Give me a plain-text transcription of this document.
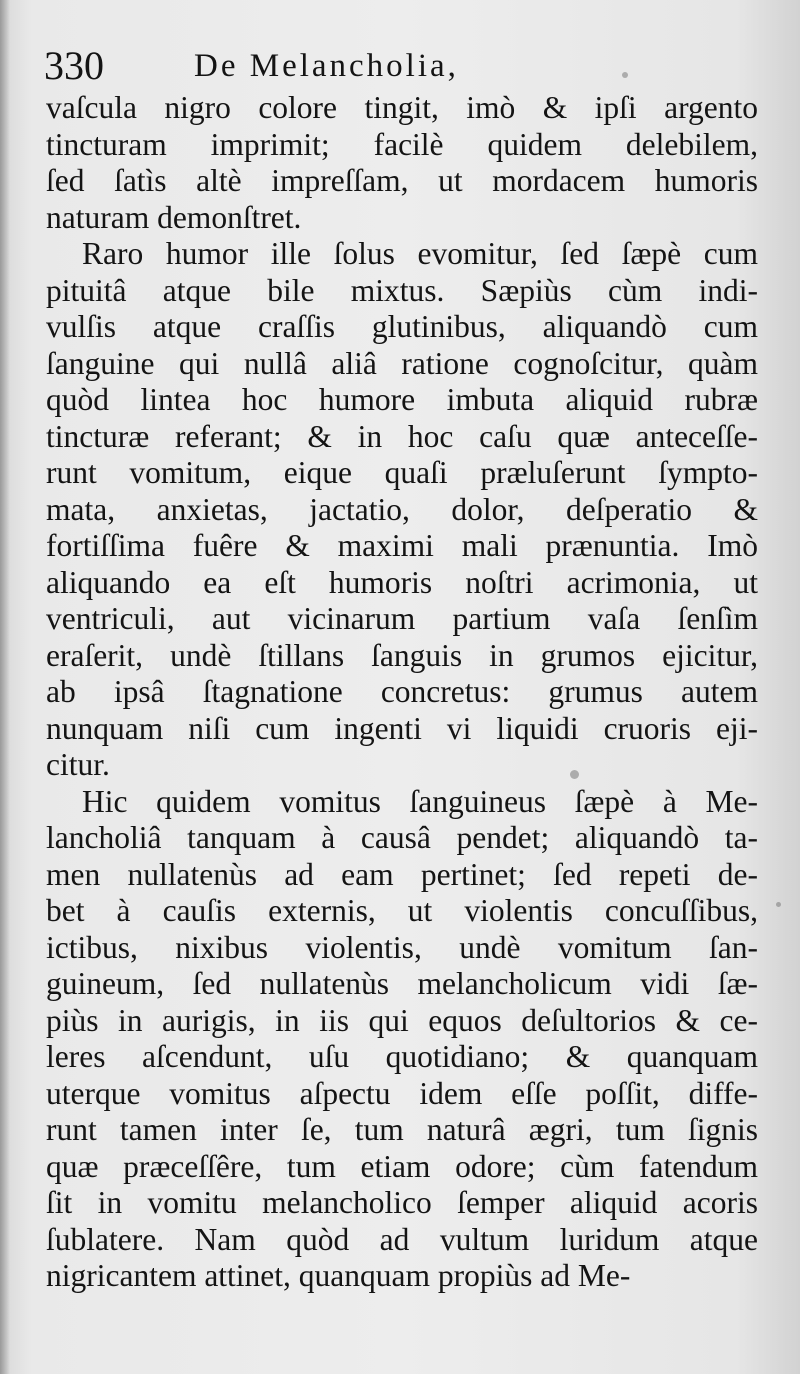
330	De Melancholia,
vaſcula nigro colore tingit, imò & ipſi argento
tincturam imprimit; facilè quidem delebilem,
ſed ſatìs altè impreſſam, ut mordacem humoris
naturam demonſtret.
Raro humor ille ſolus evomitur, ſed ſæpè cum
pituitâ atque bile mixtus. Sæpiùs cùm indi-
vulſis atque craſſis glutinibus, aliquandò cum
ſanguine qui nullâ aliâ ratione cognoſcitur, quàm
quòd lintea hoc humore imbuta aliquid rubræ
tincturæ referant; & in hoc caſu quæ anteceſſe-
runt vomitum, eique quaſi præluſerunt ſympto-
mata, anxietas, jactatio, dolor, deſperatio &
fortiſſima fuêre & maximi mali prænuntia. Imò
aliquando ea eſt humoris noſtri acrimonia, ut
ventriculi, aut vicinarum partium vaſa ſenſìm
eraſerit, undè ſtillans ſanguis in grumos ejicitur,
ab ipsâ ſtagnatione concretus: grumus autem
nunquam niſi cum ingenti vi liquidi cruoris eji-
citur.
Hic quidem vomitus ſanguineus ſæpè à Me-
lancholiâ tanquam à causâ pendet; aliquandò ta-
men nullatenùs ad eam pertinet; ſed repeti de-
bet à cauſis externis, ut violentis concuſſibus,
ictibus, nixibus violentis, undè vomitum ſan-
guineum, ſed nullatenùs melancholicum vidi ſæ-
piùs in aurigis, in iis qui equos deſultorios & ce-
leres aſcendunt, uſu quotidiano; & quanquam
uterque vomitus aſpectu idem eſſe poſſit, diffe-
runt tamen inter ſe, tum naturâ ægri, tum ſignis
quæ præceſſêre, tum etiam odore; cùm fatendum
ſit in vomitu melancholico ſemper aliquid acoris
ſublatere. Nam quòd ad vultum luridum atque
nigricantem attinet, quanquam propiùs ad Me-
